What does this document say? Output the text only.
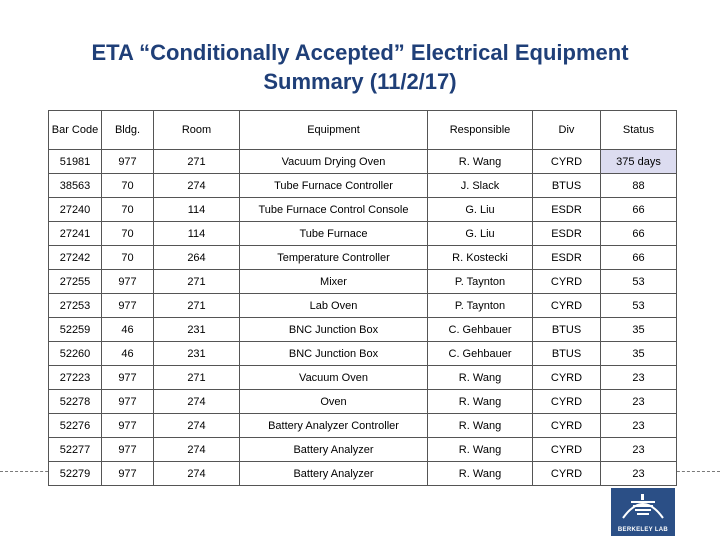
ETA “Conditionally Accepted” Electrical Equipment
Summary (11/2/17)
Bar Code	Bldg.	Room	Equipment	Responsible	Div	Status
51981	977	271	Vacuum Drying Oven	R. Wang	CYRD	375 days
38563	70	274	Tube Furnace Controller	J. Slack	BTUS	88
27240	70	114	Tube Furnace Control Console	G. Liu	ESDR	66
27241	70	114	Tube Furnace	G. Liu	ESDR	66
27242	70	264	Temperature Controller	R. Kostecki	ESDR	66
27255	977	271	Mixer	P. Taynton	CYRD	53
27253	977	271	Lab Oven	P. Taynton	CYRD	53
52259	46	231	BNC Junction Box	C. Gehbauer	BTUS	35
52260	46	231	BNC Junction Box	C. Gehbauer	BTUS	35
27223	977	271	Vacuum Oven	R. Wang	CYRD	23
52278	977	274	Oven	R. Wang	CYRD	23
52276	977	274	Battery Analyzer Controller	R. Wang	CYRD	23
52277	977	274	Battery Analyzer	R. Wang	CYRD	23
52279	977	274	Battery Analyzer	R. Wang	CYRD	23
BERKELEY LAB
